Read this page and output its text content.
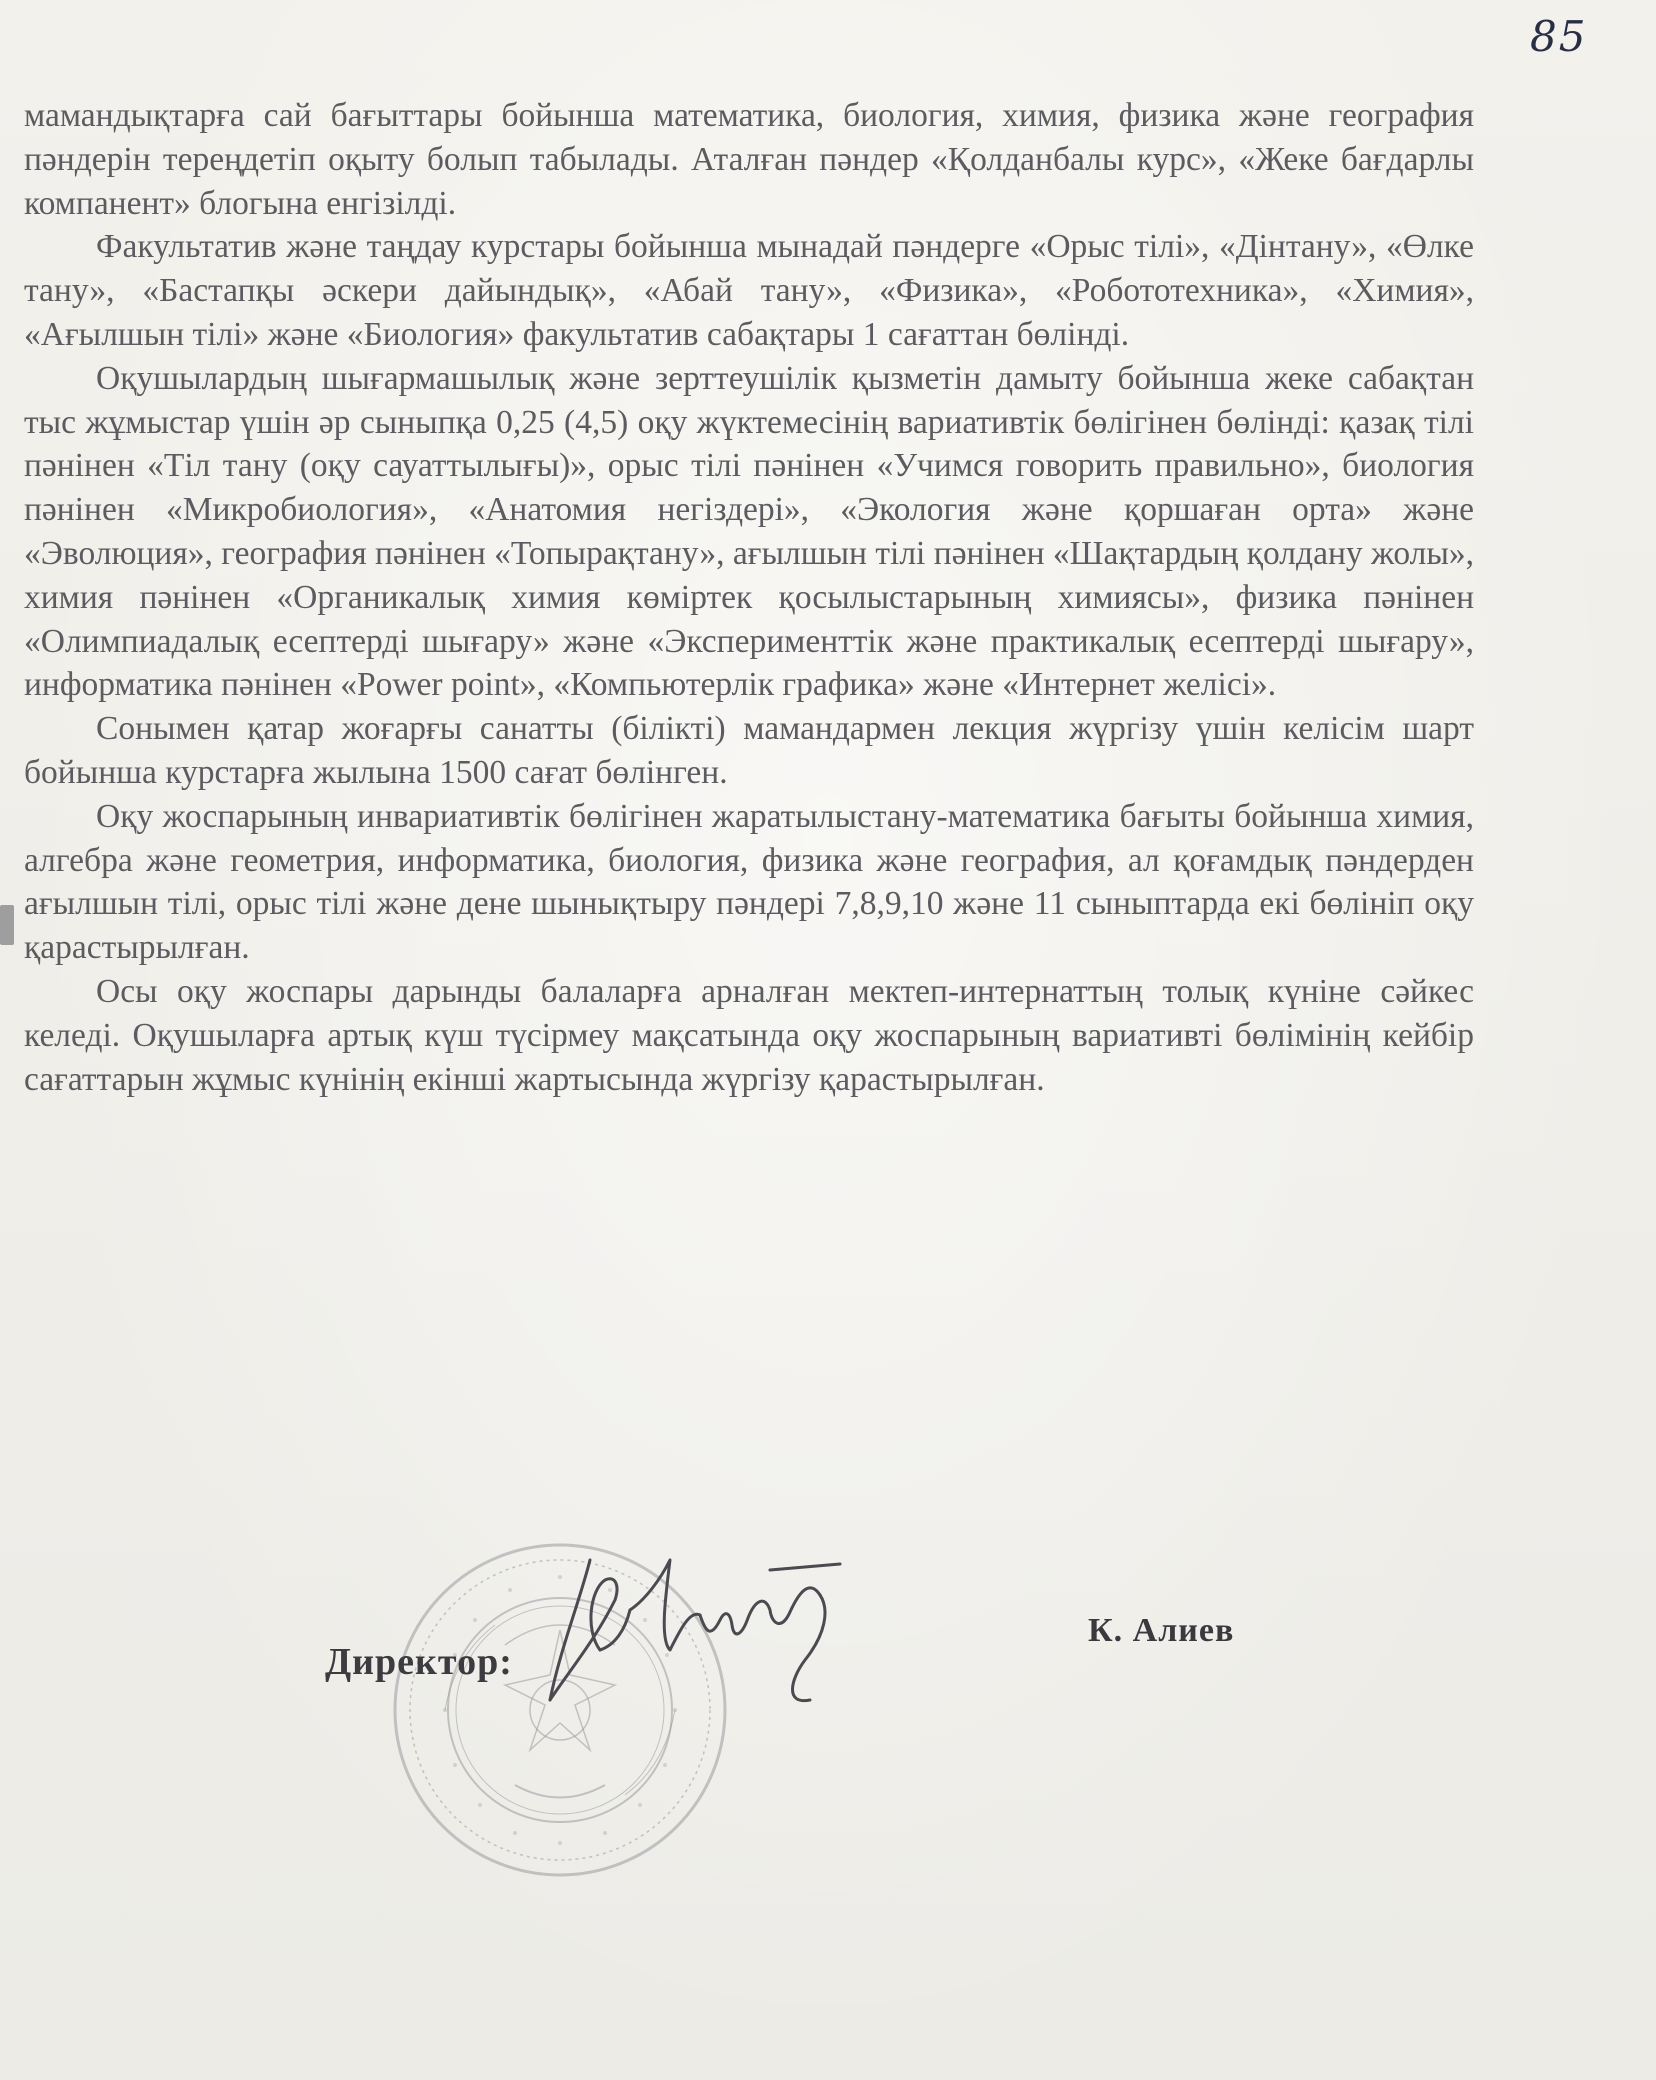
85

мамандықтарға сай бағыттары бойынша математика, биология, химия, физика және география пәндерін тереңдетіп оқыту болып табылады. Аталған пәндер «Қолданбалы курс», «Жеке бағдарлы компанент» блогына енгізілді.

Факультатив және таңдау курстары бойынша мынадай пәндерге «Орыс тілі», «Дінтану», «Өлке тану», «Бастапқы әскери дайындық», «Абай тану», «Физика», «Робототехника», «Химия», «Ағылшын тілі» және «Биология» факультатив сабақтары 1 сағаттан бөлінді.

Оқушылардың шығармашылық және зерттеушілік қызметін дамыту бойынша жеке сабақтан тыс жұмыстар үшін әр сыныпқа 0,25 (4,5) оқу жүктемесінің вариативтік бөлігінен бөлінді: қазақ тілі пәнінен «Тіл тану (оқу сауаттылығы)», орыс тілі пәнінен «Учимся говорить правильно», биология пәнінен «Микробиология», «Анатомия негіздері», «Экология және қоршаған орта» және «Эволюция», география пәнінен «Топырақтану», ағылшын тілі пәнінен «Шақтардың қолдану жолы», химия пәнінен «Органикалық химия көміртек қосылыстарының химиясы», физика пәнінен «Олимпиадалық есептерді шығару» және «Эксперименттік және практикалық есептерді шығару», информатика пәнінен «Power point», «Компьютерлік графика» және «Интернет желісі».

Сонымен қатар жоғарғы санатты (білікті) мамандармен лекция жүргізу үшін келісім шарт бойынша курстарға жылына 1500 сағат бөлінген.

Оқу жоспарының инвариативтік бөлігінен жаратылыстану-математика бағыты бойынша химия, алгебра және геометрия, информатика, биология, физика және география, ал қоғамдық пәндерден ағылшын тілі, орыс тілі және дене шынықтыру пәндері 7,8,9,10 және 11 сыныптарда екі бөлініп оқу қарастырылған.

Осы оқу жоспары дарынды балаларға арналған мектеп-интернаттың толық күніне сәйкес келеді. Оқушыларға артық күш түсірмеу мақсатында оқу жоспарының вариативті бөлімінің кейбір сағаттарын жұмыс күнінің екінші жартысында жүргізу қарастырылған.

Директор:
К. Алиев
